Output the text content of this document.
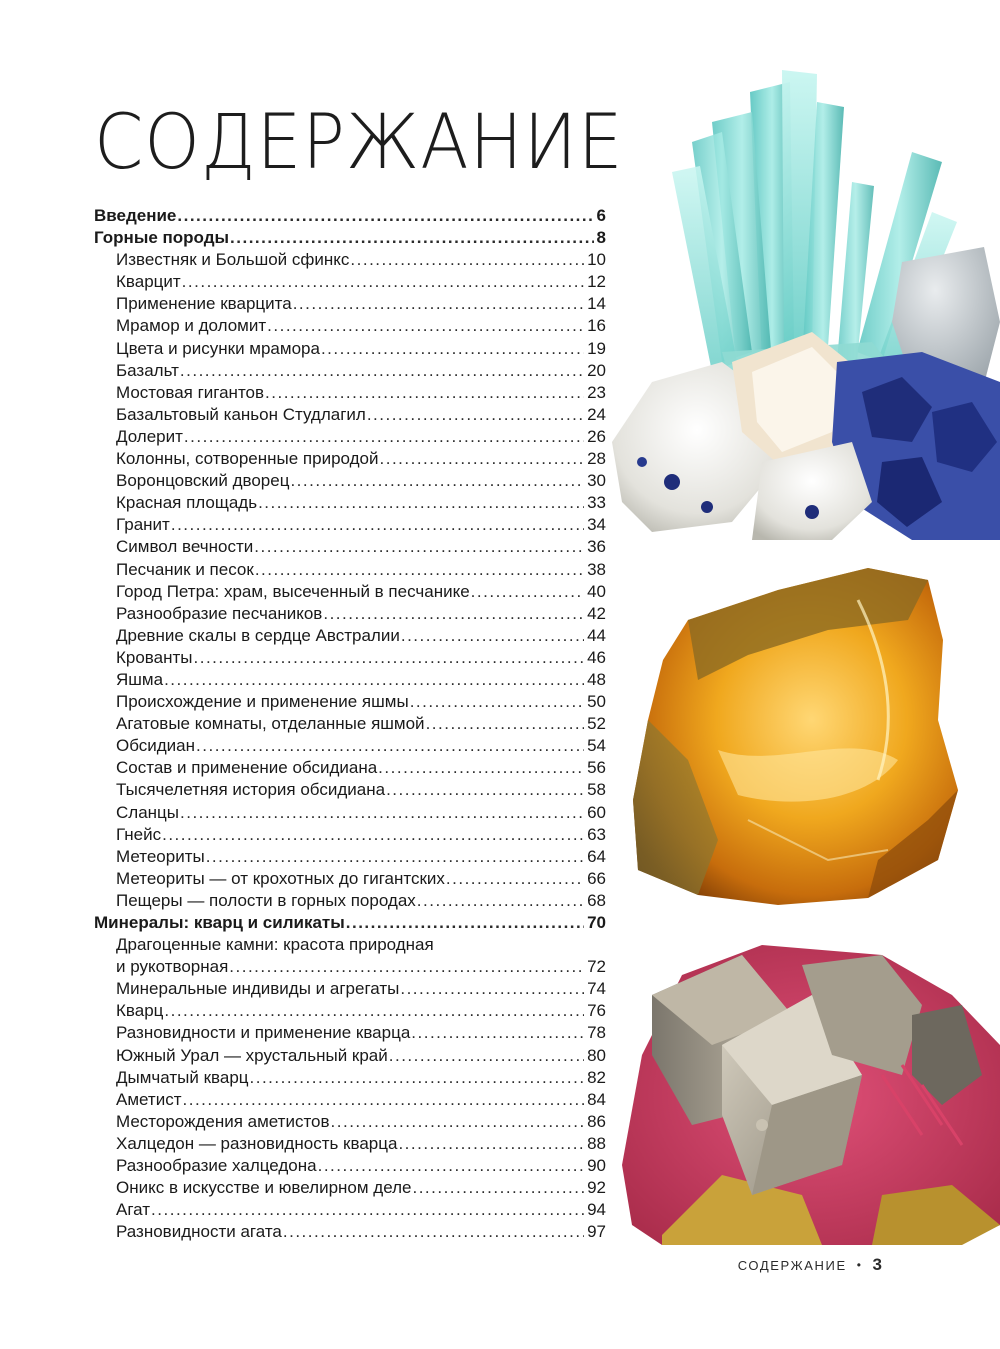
СОДЕРЖАНИЕ
Введение .....	6
Горные породы .....	8
Известняк и Большой сфинкс .....	10
Кварцит .....	12
Применение кварцита .....	14
Мрамор и доломит .....	16
Цвета и рисунки мрамора .....	19
Базальт .....	20
Мостовая гигантов .....	23
Базальтовый каньон Студлагил .....	24
Долерит .....	26
Колонны, сотворенные природой .....	28
Воронцовский дворец .....	30
Красная площадь .....	33
Гранит .....	34
Символ вечности .....	36
Песчаник и песок .....	38
Город Петра: храм, высеченный в песчанике .....	40
Разнообразие песчаников .....	42
Древние скалы в сердце Австралии .....	44
Крованты .....	46
Яшма .....	48
Происхождение и применение яшмы .....	50
Агатовые комнаты, отделанные яшмой .....	52
Обсидиан .....	54
Состав и применение обсидиана .....	56
Тысячелетняя история обсидиана .....	58
Сланцы .....	60
Гнейс .....	63
Метеориты .....	64
Метеориты — от крохотных до гигантских .....	66
Пещеры — полости в горных породах .....	68
Минералы: кварц и силикаты .....	70
Драгоценные камни: красота природная
и рукотворная .....	72
Минеральные индивиды и агрегаты .....	74
Кварц .....	76
Разновидности и применение кварца .....	78
Южный Урал — хрустальный край .....	80
Дымчатый кварц .....	82
Аметист .....	84
Месторождения аметистов .....	86
Халцедон — разновидность кварца .....	88
Разнообразие халцедона .....	90
Оникс в искусстве и ювелирном деле .....	92
Агат .....	94
Разновидности агата .....	97
СОДЕРЖАНИЕ • 3
